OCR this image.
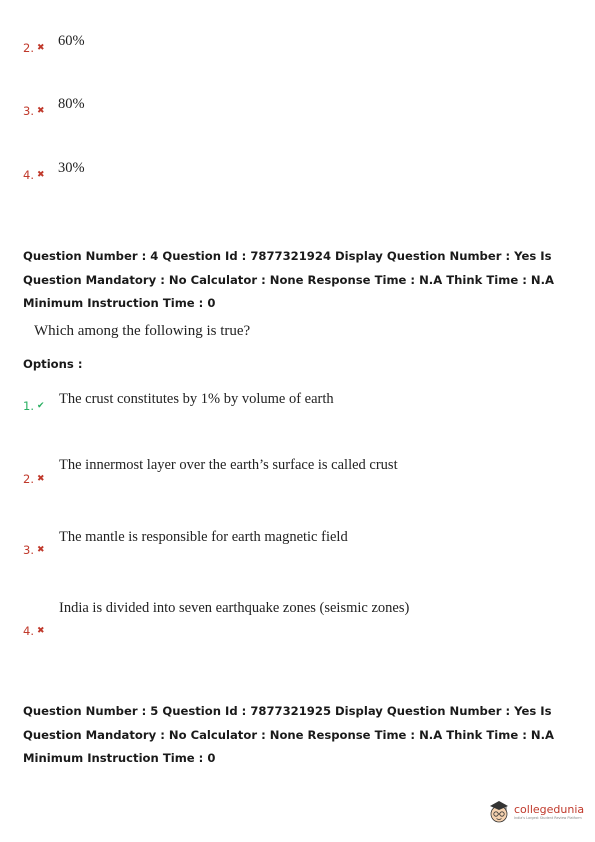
2. ✖ 60%
3. ✖ 80%
4. ✖ 30%
Question Number : 4 Question Id : 7877321924 Display Question Number : Yes Is Question Mandatory : No Calculator : None Response Time : N.A Think Time : N.A Minimum Instruction Time : 0
Which among the following is true?
Options :
1. ✔ The crust constitutes by 1% by volume of earth
2. ✖
The innermost layer over the earth’s surface is called crust
3. ✖
The mantle is responsible for earth magnetic field
4. ✖
India is divided into seven earthquake zones (seismic zones)
Question Number : 5 Question Id : 7877321925 Display Question Number : Yes Is Question Mandatory : No Calculator : None Response Time : N.A Think Time : N.A Minimum Instruction Time : 0
collegedunia
India's Largest Student Review Platform
